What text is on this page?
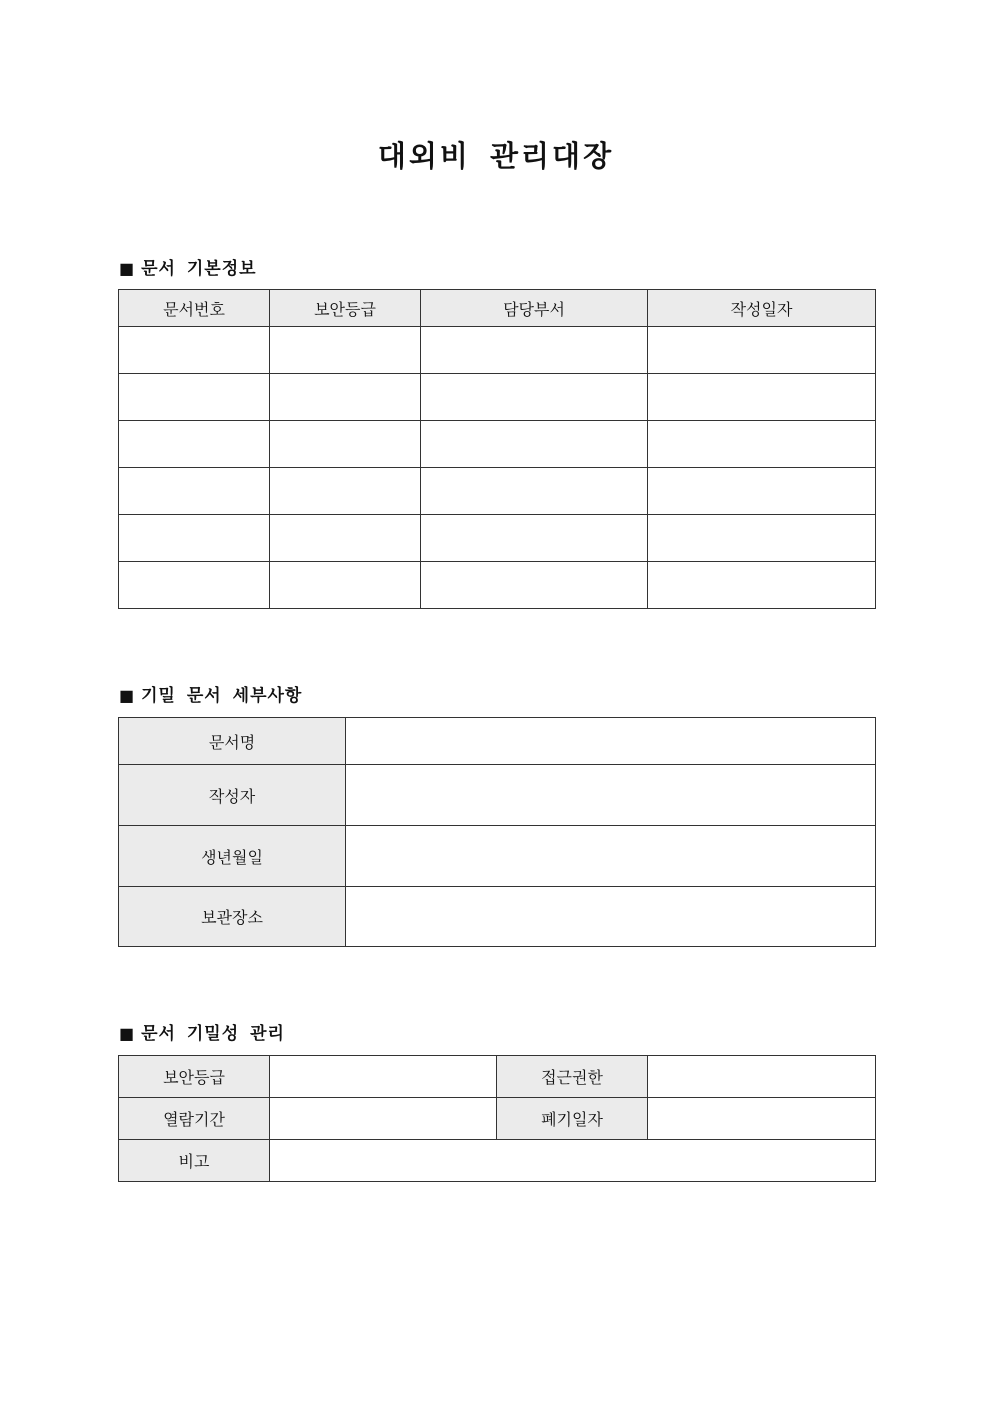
대외비 관리대장
■ 문서 기본정보
문서번호	보안등급	담당부서	작성일자

■ 기밀 문서 세부사항
문서명	
작성자	
생년월일	
보관장소	
■ 문서 기밀성 관리
보안등급		접근권한	
열람기간		폐기일자	
비고			
